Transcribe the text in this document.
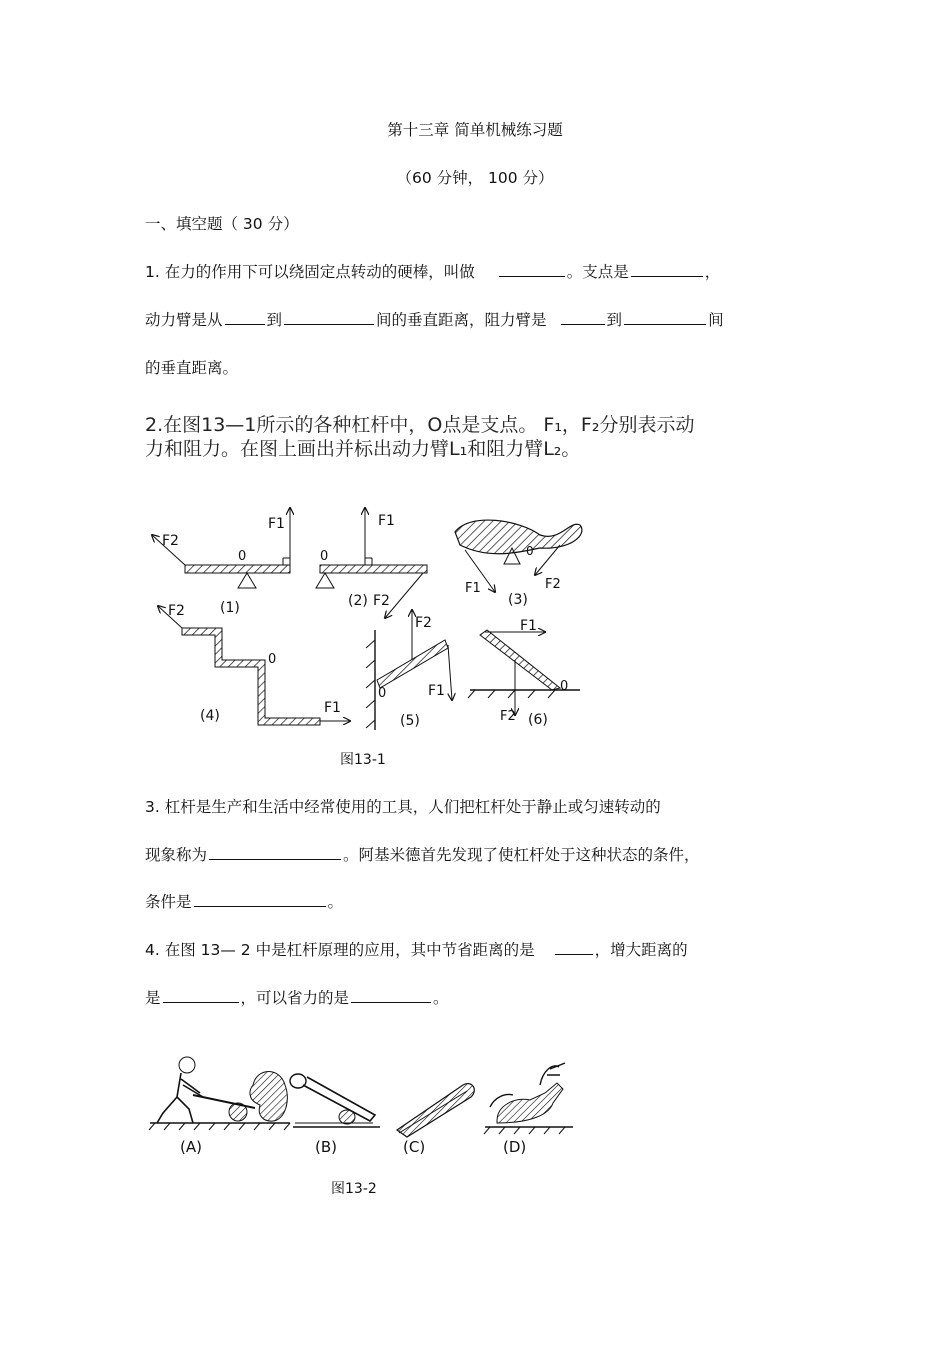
第十三章 简单机械练习题
（60 分钟， 100 分）
一、填空题（ 30 分）
1. 在力的作用下可以绕固定点转动的硬棒，叫做	。支点是	，
动力臂是从	到	间的垂直距离，阻力臂是	到	间
的垂直距离。
2.在图13—1所示的各种杠杆中，O点是支点。 F₁，F₂分别表示动
力和阻力。在图上画出并标出动力臂L₁和阻力臂L₂。
F1
F2
0
(1)
F1
F2
0
(2)
F1	F2
0
(3)
F2
F1
0
(4)
F2
F1
0
(5)
F1
F2
0
(6)
图13-1
3. 杠杆是生产和生活中经常使用的工具，人们把杠杆处于静止或匀速转动的
现象称为	。阿基米德首先发现了使杠杆处于这种状态的条件，
条件是	。
4. 在图 13— 2 中是杠杆原理的应用，其中节省距离的是	，增大距离的
是	，可以省力的是	。
(A)	(B)	(C)	(D)
图13-2
